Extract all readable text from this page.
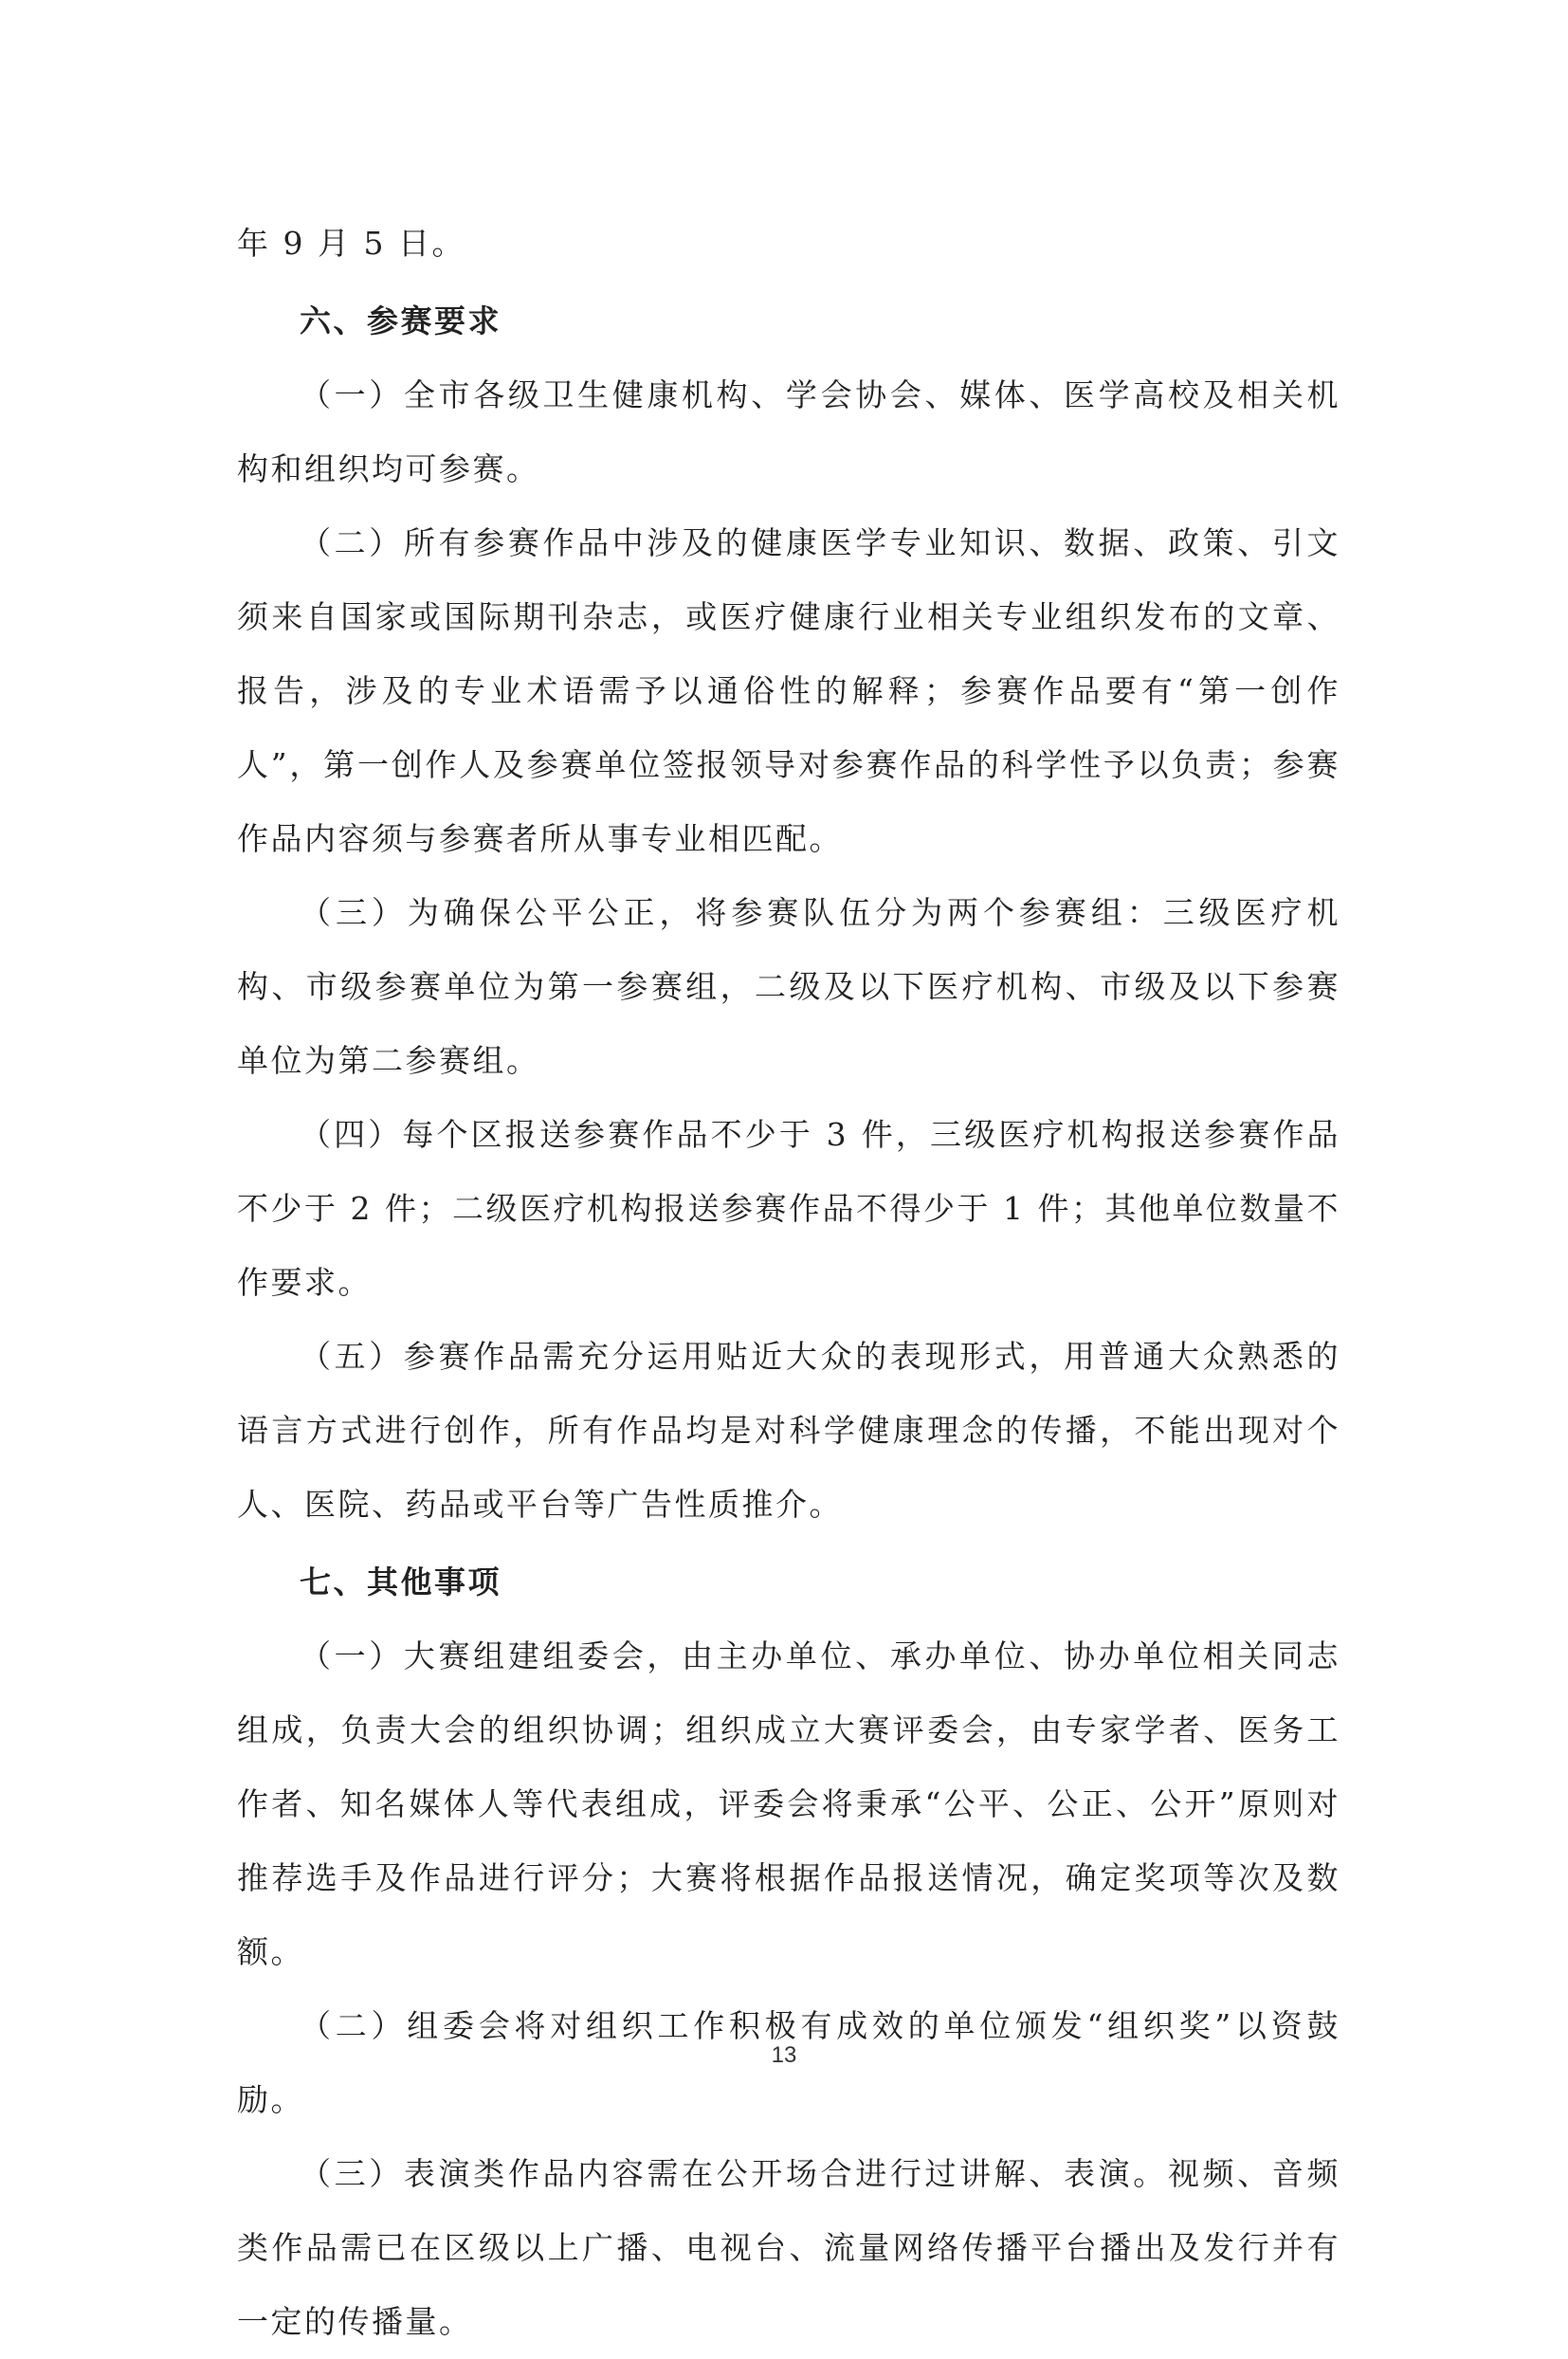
年 9 月 5 日。

六、参赛要求

（一）全市各级卫生健康机构、学会协会、媒体、医学高校及相关机构和组织均可参赛。

（二）所有参赛作品中涉及的健康医学专业知识、数据、政策、引文须来自国家或国际期刊杂志，或医疗健康行业相关专业组织发布的文章、报告，涉及的专业术语需予以通俗性的解释；参赛作品要有“第一创作人”，第一创作人及参赛单位签报领导对参赛作品的科学性予以负责；参赛作品内容须与参赛者所从事专业相匹配。

（三）为确保公平公正，将参赛队伍分为两个参赛组：三级医疗机构、市级参赛单位为第一参赛组，二级及以下医疗机构、市级及以下参赛单位为第二参赛组。

（四）每个区报送参赛作品不少于 3 件，三级医疗机构报送参赛作品不少于 2 件；二级医疗机构报送参赛作品不得少于 1 件；其他单位数量不作要求。

（五）参赛作品需充分运用贴近大众的表现形式，用普通大众熟悉的语言方式进行创作，所有作品均是对科学健康理念的传播，不能出现对个人、医院、药品或平台等广告性质推介。

七、其他事项

（一）大赛组建组委会，由主办单位、承办单位、协办单位相关同志组成，负责大会的组织协调；组织成立大赛评委会，由专家学者、医务工作者、知名媒体人等代表组成，评委会将秉承“公平、公正、公开”原则对推荐选手及作品进行评分；大赛将根据作品报送情况，确定奖项等次及数额。

（二）组委会将对组织工作积极有成效的单位颁发“组织奖”以资鼓励。

（三）表演类作品内容需在公开场合进行过讲解、表演。视频、音频类作品需已在区级以上广播、电视台、流量网络传播平台播出及发行并有一定的传播量。

13
